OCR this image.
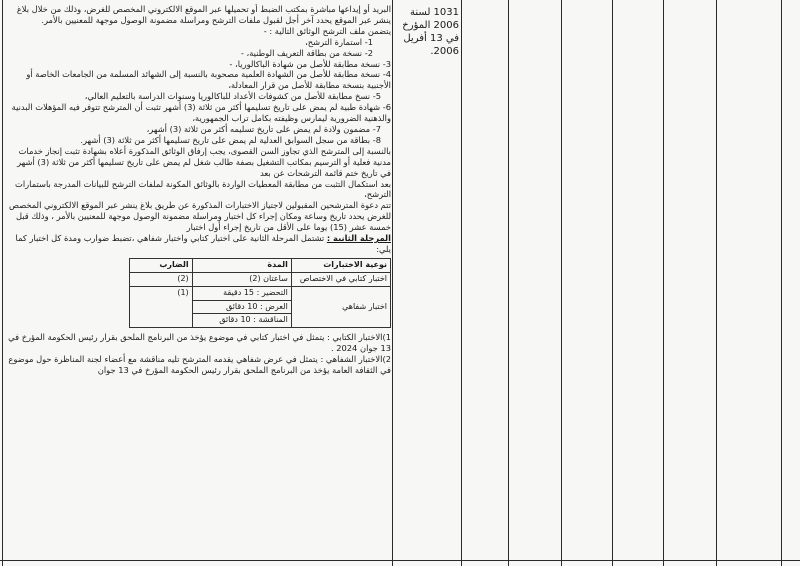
البريد أو إيداعها مباشرة بمكتب الضبط أو تحميلها عبر الموقع الالكتروني المخصص للغرض، وذلك من خلال بلاغ ينشر عبر الموقع يحدد آخر أجل لقبول ملفات الترشح ومراسلة مضمونة الوصول موجهة للمعنيين بالأمر.

يتضمن ملف الترشح الوثائق التالية : -

1- استمارة الترشح،

2- نسخة من بطاقة التعريف الوطنية، -

3- نسخة مطابقة للأصل من شهادة الباكالوريا، -

4- نسخة مطابقة للأصل من الشهادة العلمية مصحوبة بالنسبة إلى الشهائد المسلمة من الجامعات الخاصة أو الأجنبية بنسخة مطابقة للأصل من قرار المعادلة،

5- نسخ مطابقة للأصل من كشوفات الأعداد للباكالوريا وسنوات الدراسة بالتعليم العالي،

6- شهادة طبية لم يمض على تاريخ تسليمها أكثر من ثلاثة (3) أشهر تثبت أن المترشح تتوفر فيه المؤهلات البدنية والذهنية الضرورية ليمارس وظيفته بكامل تراب الجمهورية،

7- مضمون ولادة لم يمض على تاريخ تسليمه أكثر من ثلاثة (3) أشهر،

8- بطاقة من سجل السوابق العدلية لم يمض على تاريخ تسليمها أكثر من ثلاثة (3) أشهر.

بالنسبة إلى المترشح الذي تجاوز السن القصوى، يجب إرفاق الوثائق المذكورة أعلاه بشهادة تثبت إنجاز خدمات مدنية فعلية أو الترسيم بمكاتب التشغيل بصفة طالب شغل لم يمض على تاريخ تسليمها أكثر من ثلاثة (3) أشهر في تاريخ ختم قائمة الترشحات عن بعد

بعد استكمال التثبت من مطابقة المعطيات الواردة بالوثائق المكونة لملفات الترشح للبيانات المدرجة باستمارات الترشح،

تتم دعوة المترشحين المقبولين لاجتياز الاختبارات المذكورة عن طريق بلاغ ينشر عبر الموقع الالكتروني المخصص للغرض يحدد تاريخ وساعة ومكان إجراء كل اختبار ومراسلة مضمونة الوصول موجهة للمعنيين بالأمر ، وذلك قبل خمسة عشر (15) يوما على الأقل من تاريخ إجراء أول اختبار

المرحلة الثانية : تشتمل المرحلة الثانية على اختبار كتابي واختبار شفاهي ،تضبط ضوارب ومدة كل اختبار كما يلي:

نوعية الاختبارات	المدة	الضارب
اختبار كتابي في الاختصاص	ساعتان (2)	(2)
اختبار شفاهي	التحضير : 15 دقيقة
العرض : 10 دقائق
المناقشة : 10 دقائق	(1)

1)الاختبار الكتابي : يتمثل في اختبار كتابي في موضوع يؤخذ من البرنامج الملحق بقرار رئيس الحكومة المؤرخ في 13 جوان 2024 .

2)الاختبار الشفاهي : يتمثل في عرض شفاهي يقدمه المترشح تليه مناقشة مع أعضاء لجنة المناظرة حول موضوع في الثقافة العامة يؤخذ من البرنامج الملحق بقرار رئيس الحكومة المؤرخ في 13 جوان

1031 لسنة 2006 المؤرخ في 13 أفريل 2006.
